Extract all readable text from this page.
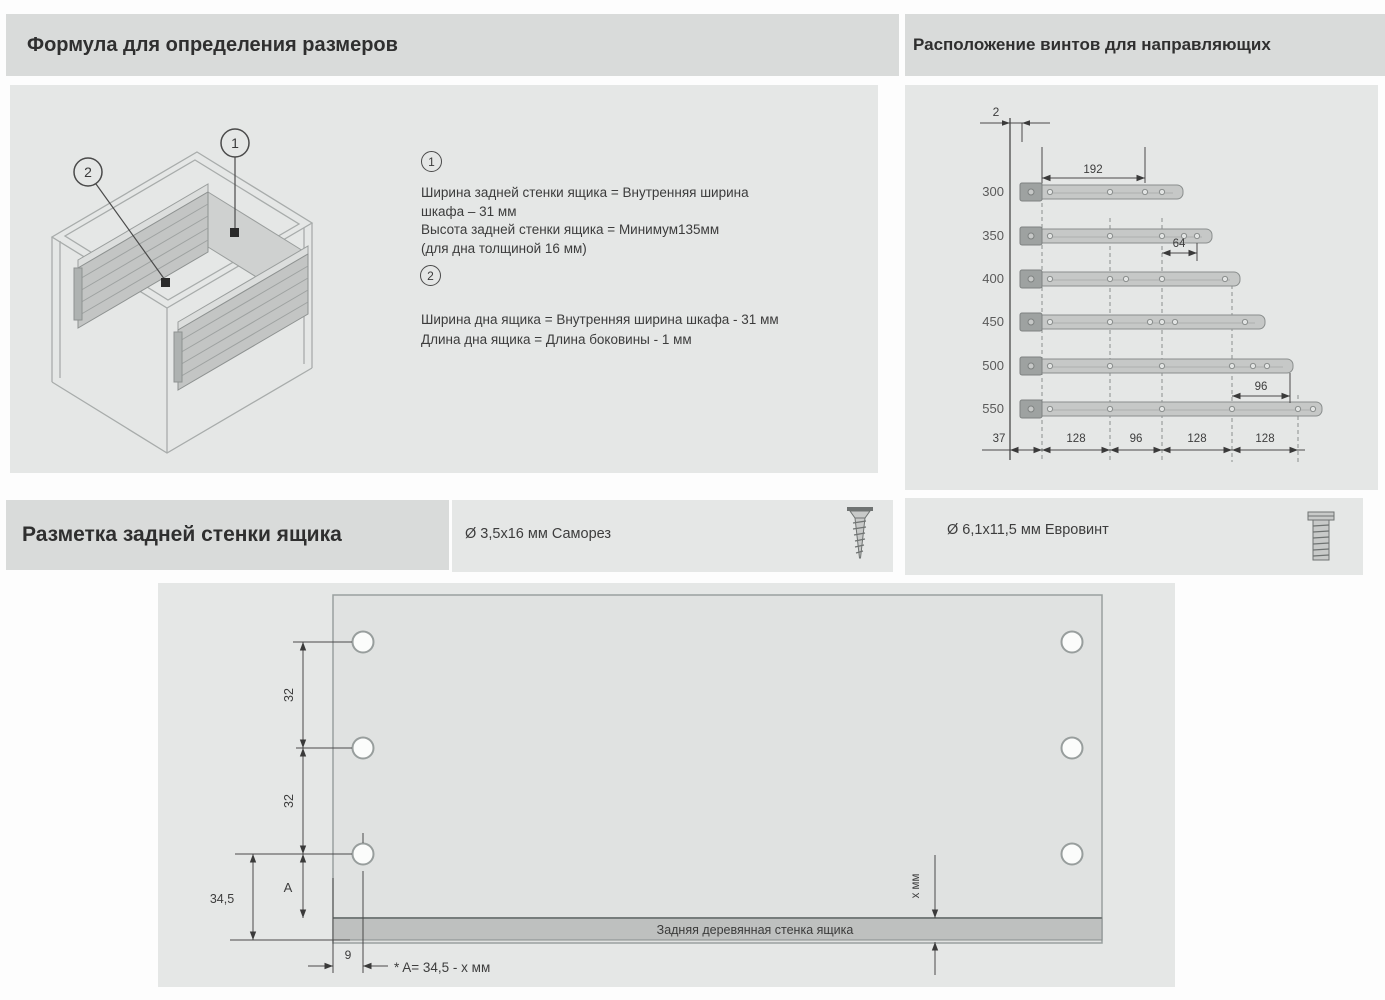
Формула для определения размеров
2
1
1
Ширина задней стенки ящика = Внутренняя ширина
шкафа – 31 мм
Высота задней стенки ящика = Минимум135мм
(для дна толщиной 16 мм)
2
Ширина дна ящика = Внутренняя ширина шкафа - 31 мм
Длина дна ящика = Длина боковины - 1 мм
Расположение винтов для направляющих
2
300
350
400
450
500
550
192
64
96
37	128	96	128	128
Разметка задней стенки ящика	Ø 3,5x16 мм Саморез	Ø 6,1x11,5 мм Евровинт
Задняя деревянная стенка ящика
32
32
A
34,5
9
* A= 34,5 - x мм
x мм
